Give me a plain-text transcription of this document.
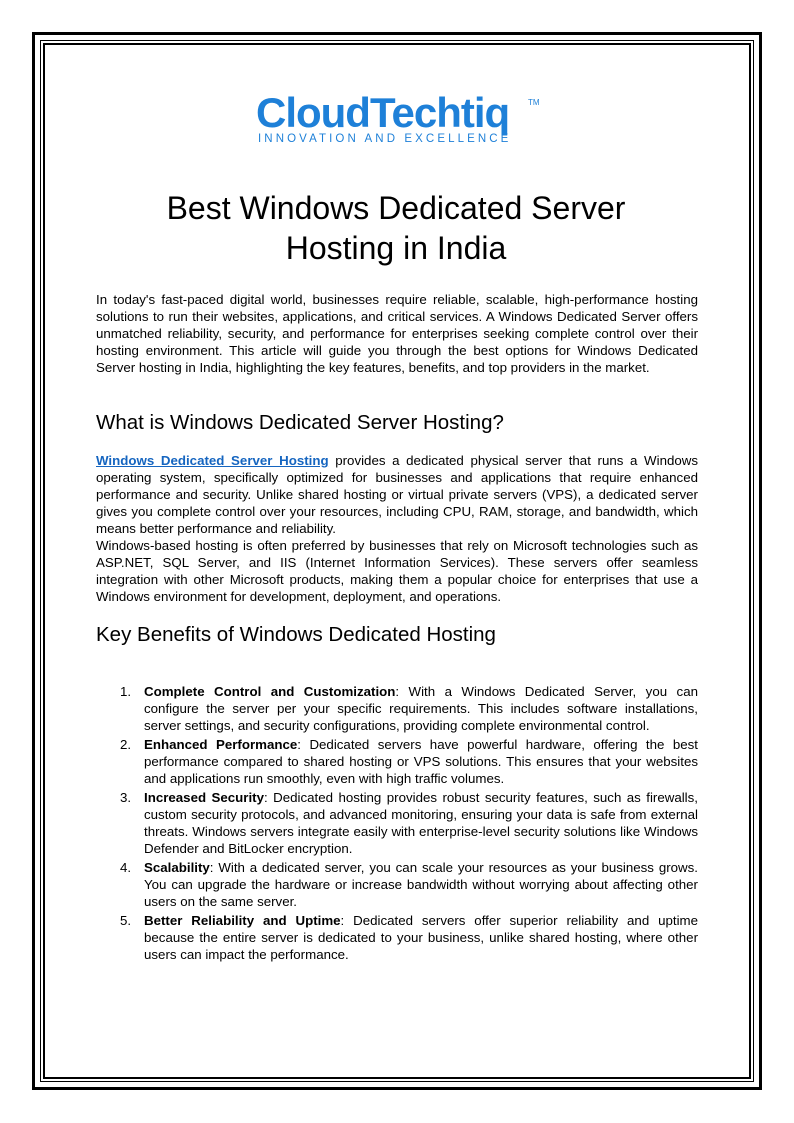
CloudTechtiq TM
INNOVATION AND EXCELLENCE
Best Windows Dedicated Server
Hosting in India

In today's fast-paced digital world, businesses require reliable, scalable, high-performance hosting solutions to run their websites, applications, and critical services. A Windows Dedicated Server offers unmatched reliability, security, and performance for enterprises seeking complete control over their hosting environment. This article will guide you through the best options for Windows Dedicated Server hosting in India, highlighting the key features, benefits, and top providers in the market.

What is Windows Dedicated Server Hosting?

Windows Dedicated Server Hosting provides a dedicated physical server that runs a Windows operating system, specifically optimized for businesses and applications that require enhanced performance and security. Unlike shared hosting or virtual private servers (VPS), a dedicated server gives you complete control over your resources, including CPU, RAM, storage, and bandwidth, which means better performance and reliability.

Windows-based hosting is often preferred by businesses that rely on Microsoft technologies such as ASP.NET, SQL Server, and IIS (Internet Information Services). These servers offer seamless integration with other Microsoft products, making them a popular choice for enterprises that use a Windows environment for development, deployment, and operations.

Key Benefits of Windows Dedicated Hosting
1. Complete Control and Customization: With a Windows Dedicated Server, you can configure the server per your specific requirements. This includes software installations, server settings, and security configurations, providing complete environmental control.
2. Enhanced Performance: Dedicated servers have powerful hardware, offering the best performance compared to shared hosting or VPS solutions. This ensures that your websites and applications run smoothly, even with high traffic volumes.
3. Increased Security: Dedicated hosting provides robust security features, such as firewalls, custom security protocols, and advanced monitoring, ensuring your data is safe from external threats. Windows servers integrate easily with enterprise-level security solutions like Windows Defender and BitLocker encryption.
4. Scalability: With a dedicated server, you can scale your resources as your business grows. You can upgrade the hardware or increase bandwidth without worrying about affecting other users on the same server.
5. Better Reliability and Uptime: Dedicated servers offer superior reliability and uptime because the entire server is dedicated to your business, unlike shared hosting, where other users can impact the performance.
